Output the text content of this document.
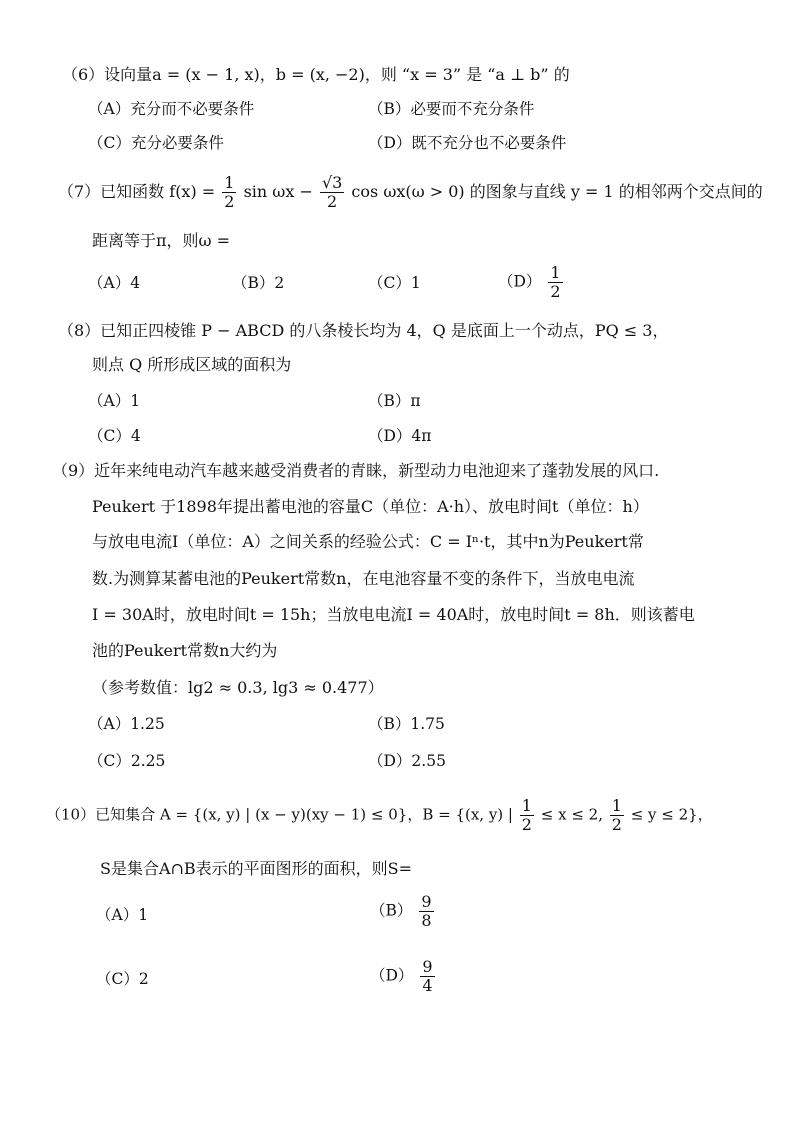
（6）设向量a = (x − 1, x)，b = (x, −2)，则 “x = 3” 是 “a ⊥ b” 的
（A）充分而不必要条件	（B）必要而不充分条件
（C）充分必要条件	（D）既不充分也不必要条件
（7）已知函数 $f(x) = \frac{1}{2}$ $\sin \omega x - \frac{√3}{2}$ cos ωx(ω > 0) 的图象与直线 y = 1 的相邻两个交点间的
距离等于π，则ω =
（A）4	（B）2	（C）1	$(D) \frac{1}{2}$
（8）已知正四棱锥 P − ABCD 的八条棱长均为 4，Q 是底面上一个动点，PQ ≤ 3，
则点 Q 所形成区域的面积为
（A）1	（B）π
（C）4	（D）4π
（9）近年来纯电动汽车越来越受消费者的青睐，新型动力电池迎来了蓬勃发展的风口.
Peukert 于1898年提出蓄电池的容量C（单位：A·h）、放电时间t（单位：h）
与放电电流I（单位：A）之间关系的经验公式：C = Iⁿ·t，其中n为Peukert常
数.为测算某蓄电池的Peukert常数n，在电池容量不变的条件下，当放电电流
I = 30A时，放电时间t = 15h；当放电电流I = 40A时，放电时间t = 8h．则该蓄电
池的Peukert常数n大约为
（参考数值：lg2 ≈ 0.3, lg3 ≈ 0.477）
（A）1.25	（B）1.75
（C）2.25	（D）2.55
（10）已知集合 A = {(x, y) | (x − y)(xy − 1) ≤ 0}，B = {(x, y) | $\frac{1}{2} \le x \le 2$, $\frac{1}{2} \le y \le 2$}，
S是集合A∩B表示的平面图形的面积，则S=
（A）1	$(B) \frac{9}{8}$
（C）2	$(D) \frac{9}{4}$
